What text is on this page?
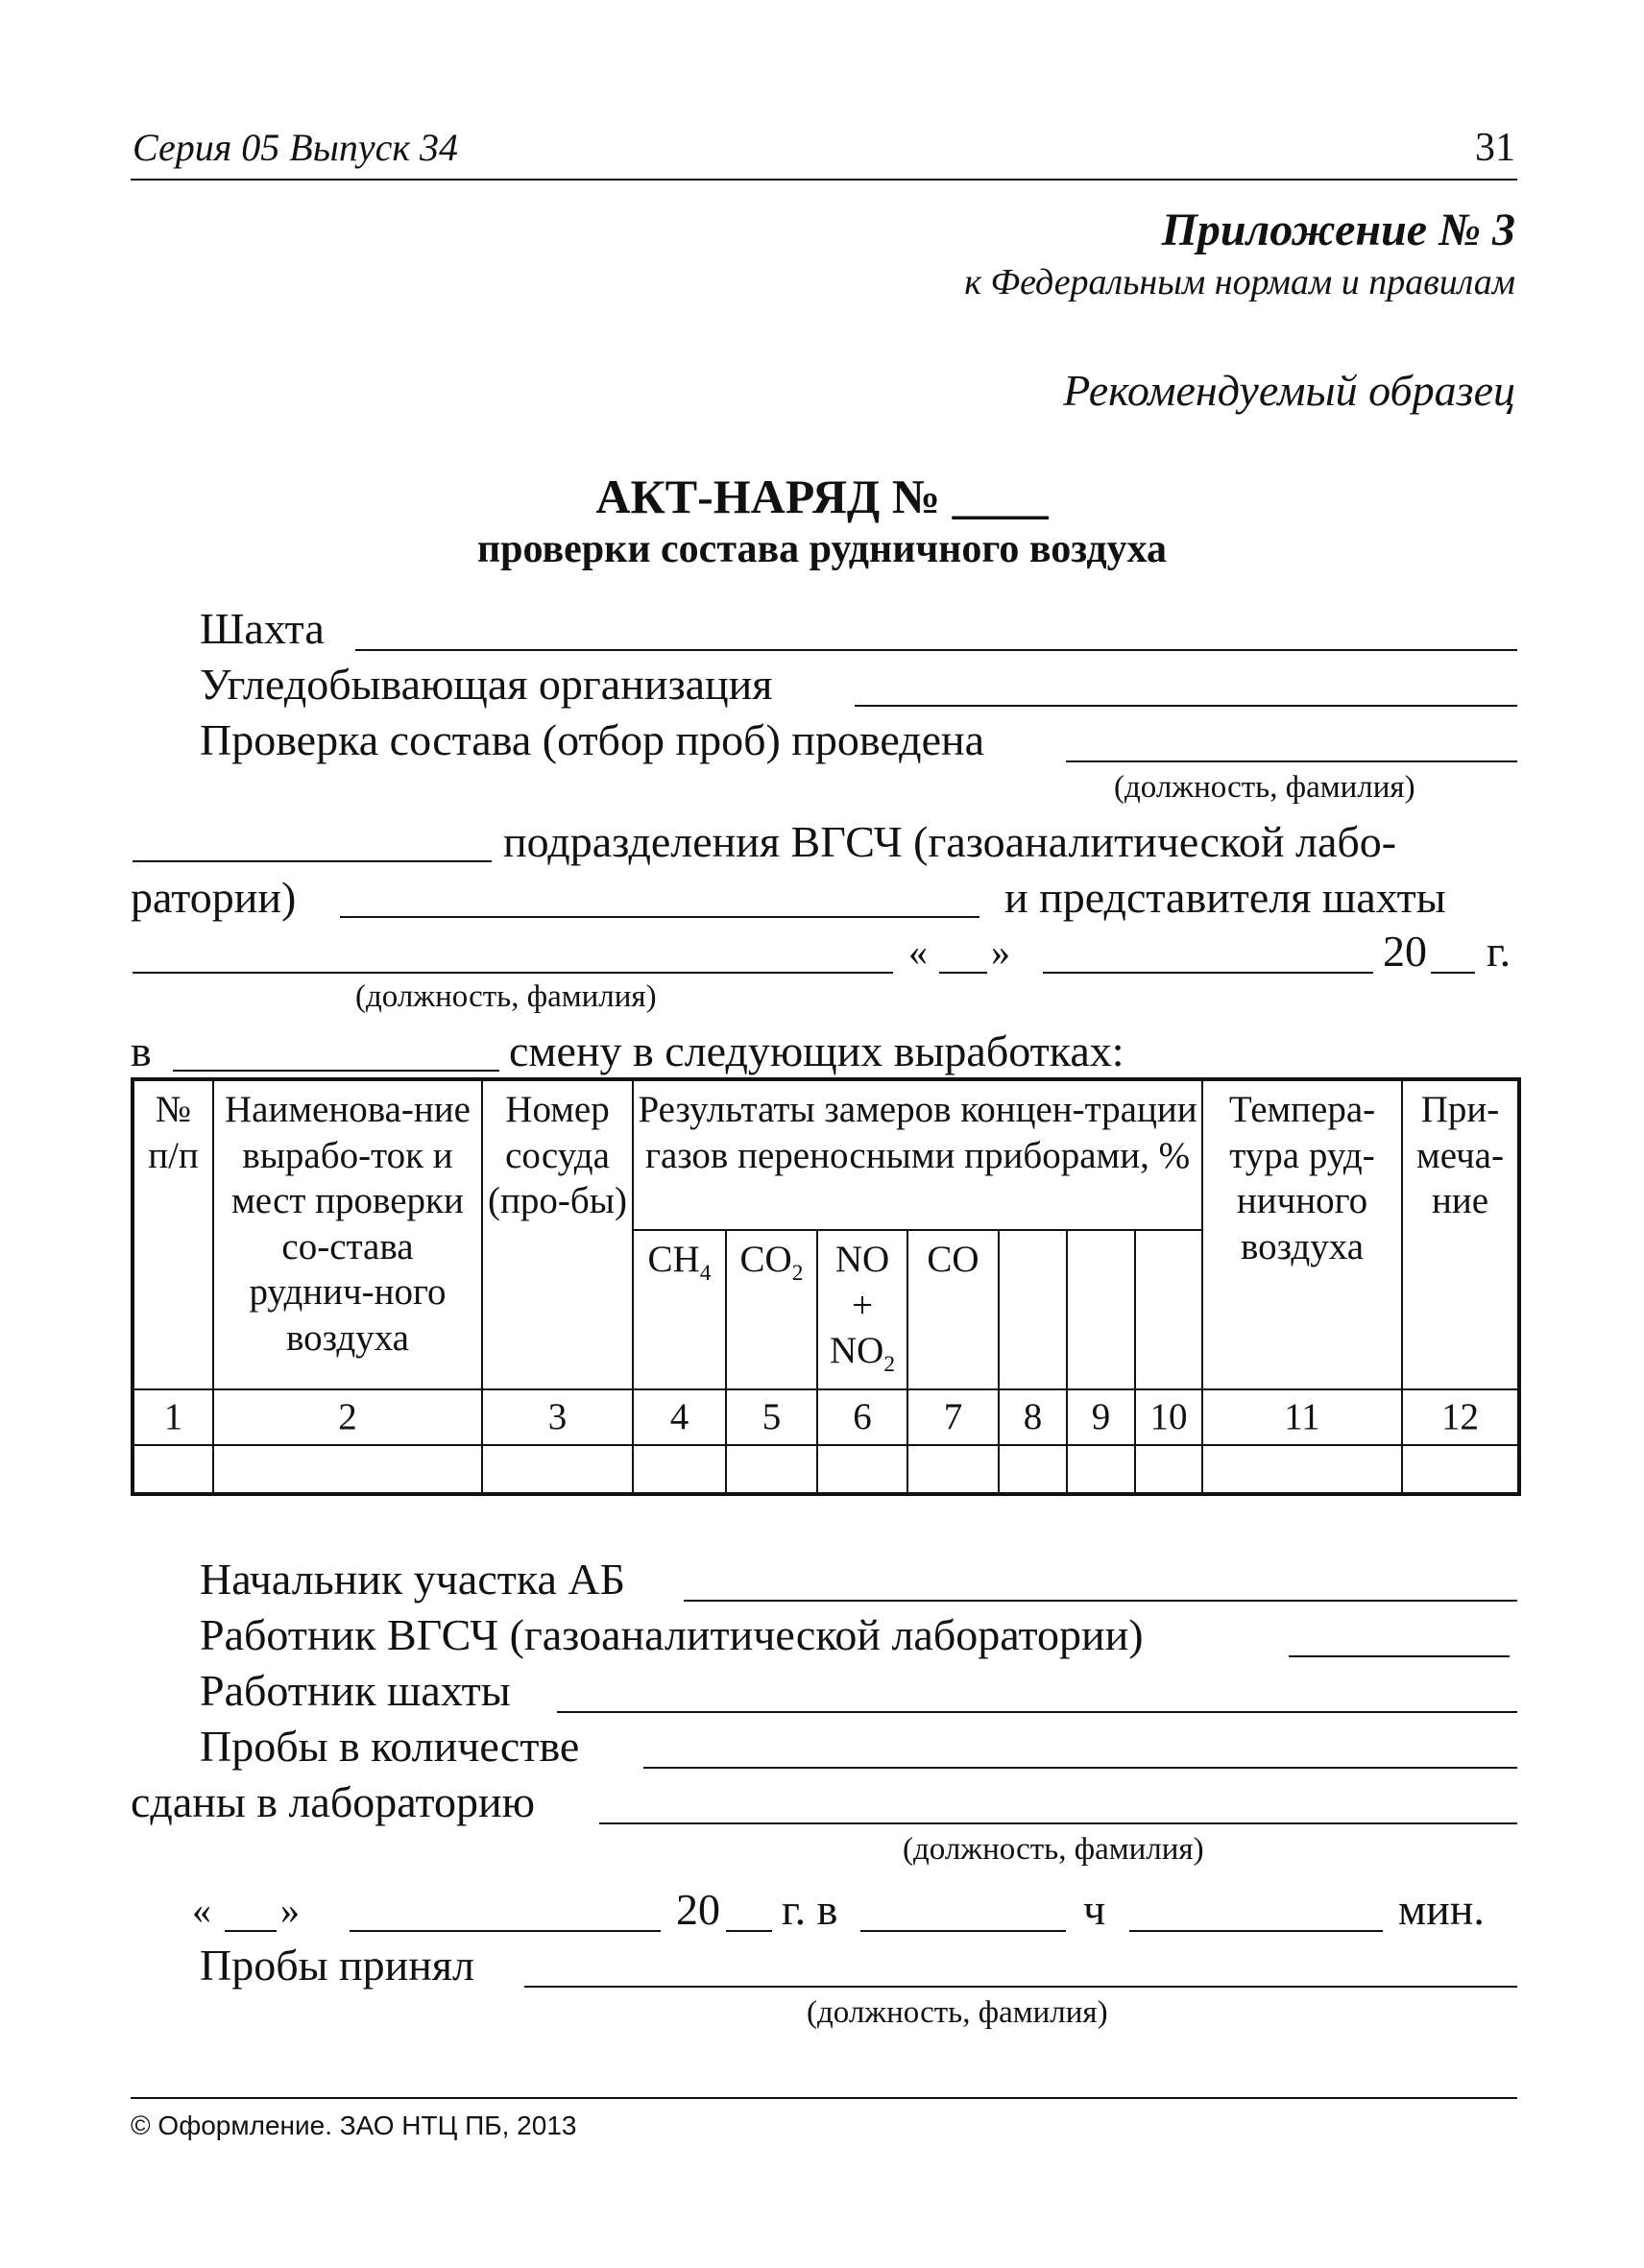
Серия 05 Выпуск 34	31
Приложение № 3
к Федеральным нормам и правилам
Рекомендуемый образец
АКТ-НАРЯД № ____
проверки состава рудничного воздуха
Шахта
Угледобывающая организация
Проверка состава (отбор проб) проведена
(должность, фамилия)
подразделения ВГСЧ (газоаналитической лабо-
ратории)	и представителя шахты
« »	20 г.
(должность, фамилия)
в	смену в следующих выработках:
№ п/п	Наименова-ние вырабо-ток и мест проверки со-става руднич-ного воздуха	Номер сосуда (про-бы)	Результаты замеров концен-трации газов переносными приборами, %							Темпера-тура руд-ничного воздуха	При-меча-ние
			$CH_4$	$CO_2$	NO
+
$NO_2$	CO					
1	2	3	4	5	6	7	8	9	10	11	12

Начальник участка АБ
Работник ВГСЧ (газоаналитической лаборатории)
Работник шахты
Пробы в количестве
сданы в лабораторию
(должность, фамилия)
« »	20 г. в	ч	мин.
Пробы принял
(должность, фамилия)
© Оформление. ЗАО НТЦ ПБ, 2013
